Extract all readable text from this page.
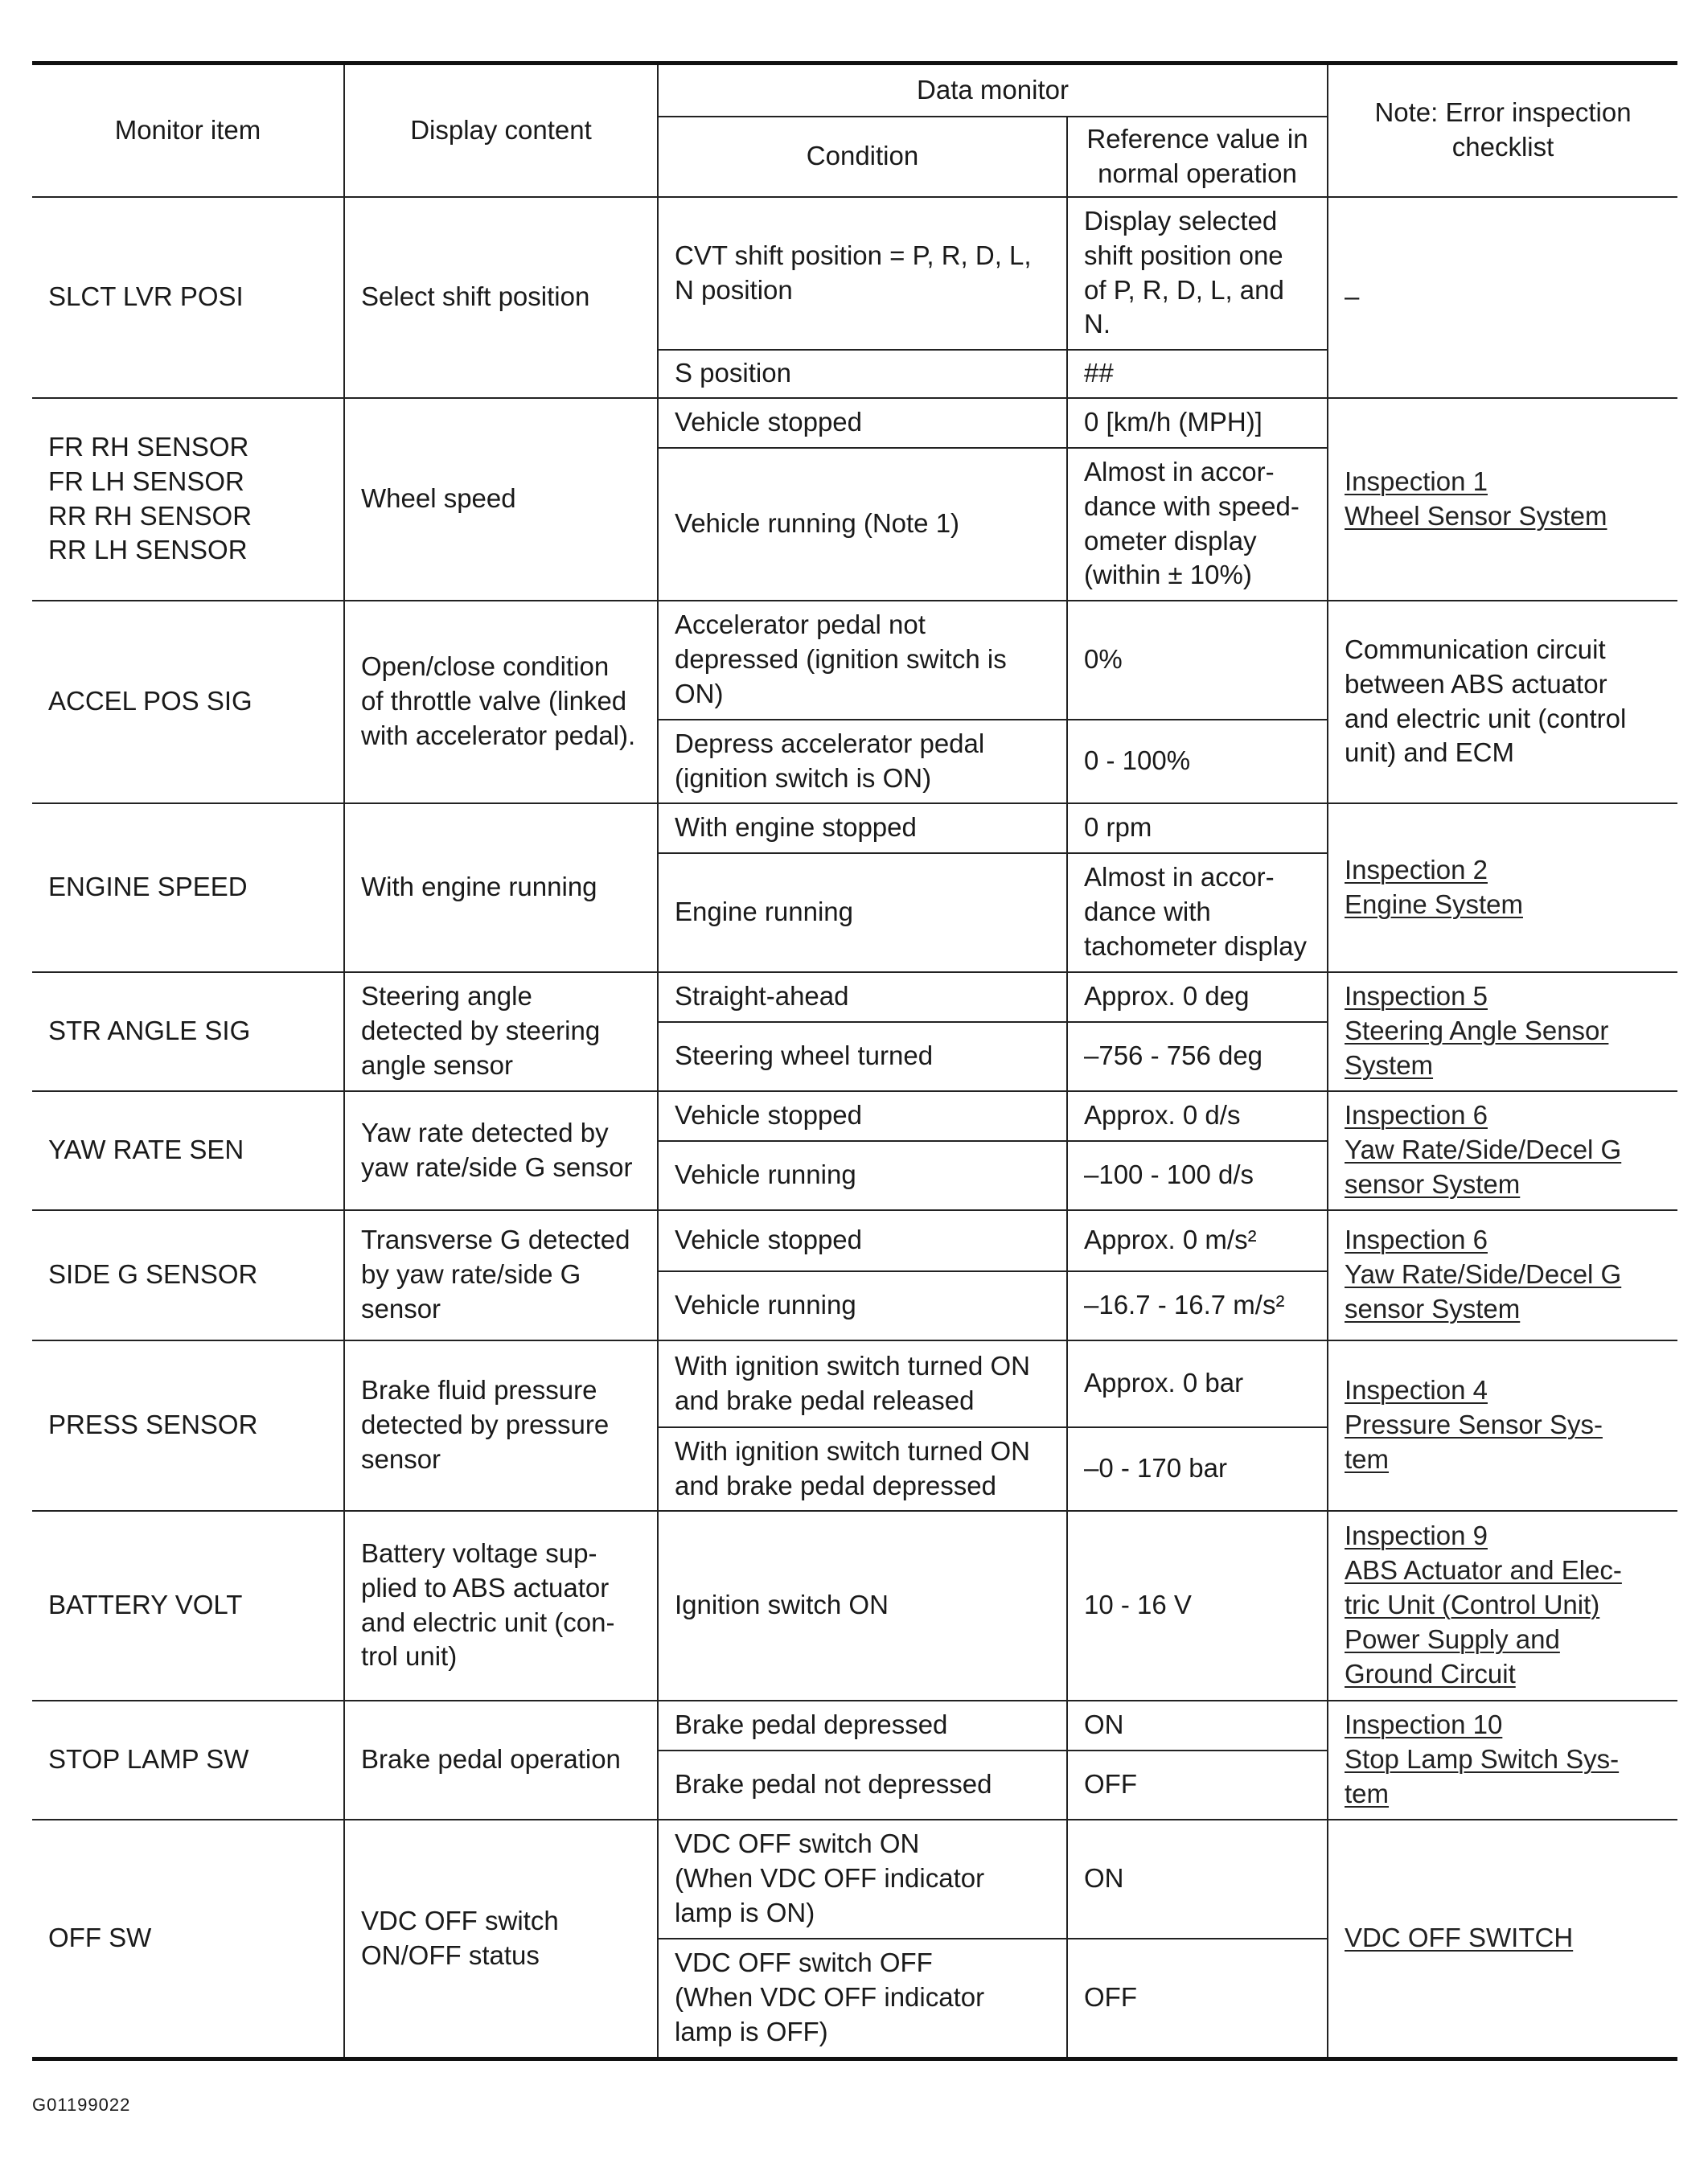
Monitor item	Display content	Data monitor		Note: Error inspection
checklist
		Condition	Reference value in
normal operation	
SLCT LVR POSI	Select shift position	CVT shift position = P, R, D, L,
N position	Display selected
shift position one
of P, R, D, L, and
N.	–
		S position	##	
FR RH SENSOR
FR LH SENSOR
RR RH SENSOR
RR LH SENSOR	Wheel speed	Vehicle stopped	0 [km/h (MPH)]	Inspection 1
Wheel Sensor System
		Vehicle running (Note 1)	Almost in accor-
dance with speed-
ometer display
(within ± 10%)	
ACCEL POS SIG	Open/close condition
of throttle valve (linked
with accelerator pedal).	Accelerator pedal not
depressed (ignition switch is
ON)	0%	Communication circuit
between ABS actuator
and electric unit (control
unit) and ECM
		Depress accelerator pedal
(ignition switch is ON)	0 - 100%	
ENGINE SPEED	With engine running	With engine stopped	0 rpm	Inspection 2
Engine System
		Engine running	Almost in accor-
dance with
tachometer display	
STR ANGLE SIG	Steering angle
detected by steering
angle sensor	Straight-ahead	Approx. 0 deg	Inspection 5
Steering Angle Sensor
System
		Steering wheel turned	–756 - 756 deg	
YAW RATE SEN	Yaw rate detected by
yaw rate/side G sensor	Vehicle stopped	Approx. 0 d/s	Inspection 6
Yaw Rate/Side/Decel G
sensor System
		Vehicle running	–100 - 100 d/s	
SIDE G SENSOR	Transverse G detected
by yaw rate/side G
sensor	Vehicle stopped	Approx. 0 m/s²	Inspection 6
Yaw Rate/Side/Decel G
sensor System
		Vehicle running	–16.7 - 16.7 m/s²	
PRESS SENSOR	Brake fluid pressure
detected by pressure
sensor	With ignition switch turned ON
and brake pedal released	Approx. 0 bar	Inspection 4
Pressure Sensor Sys-
tem
		With ignition switch turned ON
and brake pedal depressed	–0 - 170 bar	
BATTERY VOLT	Battery voltage sup-
plied to ABS actuator
and electric unit (con-
trol unit)	Ignition switch ON	10 - 16 V	Inspection 9
ABS Actuator and Elec-
tric Unit (Control Unit)
Power Supply and
Ground Circuit
STOP LAMP SW	Brake pedal operation	Brake pedal depressed	ON	Inspection 10
Stop Lamp Switch Sys-
tem
		Brake pedal not depressed	OFF	
OFF SW	VDC OFF switch
ON/OFF status	VDC OFF switch ON
(When VDC OFF indicator
lamp is ON)	ON	VDC OFF SWITCH
		VDC OFF switch OFF
(When VDC OFF indicator
lamp is OFF)	OFF	
G01199022
